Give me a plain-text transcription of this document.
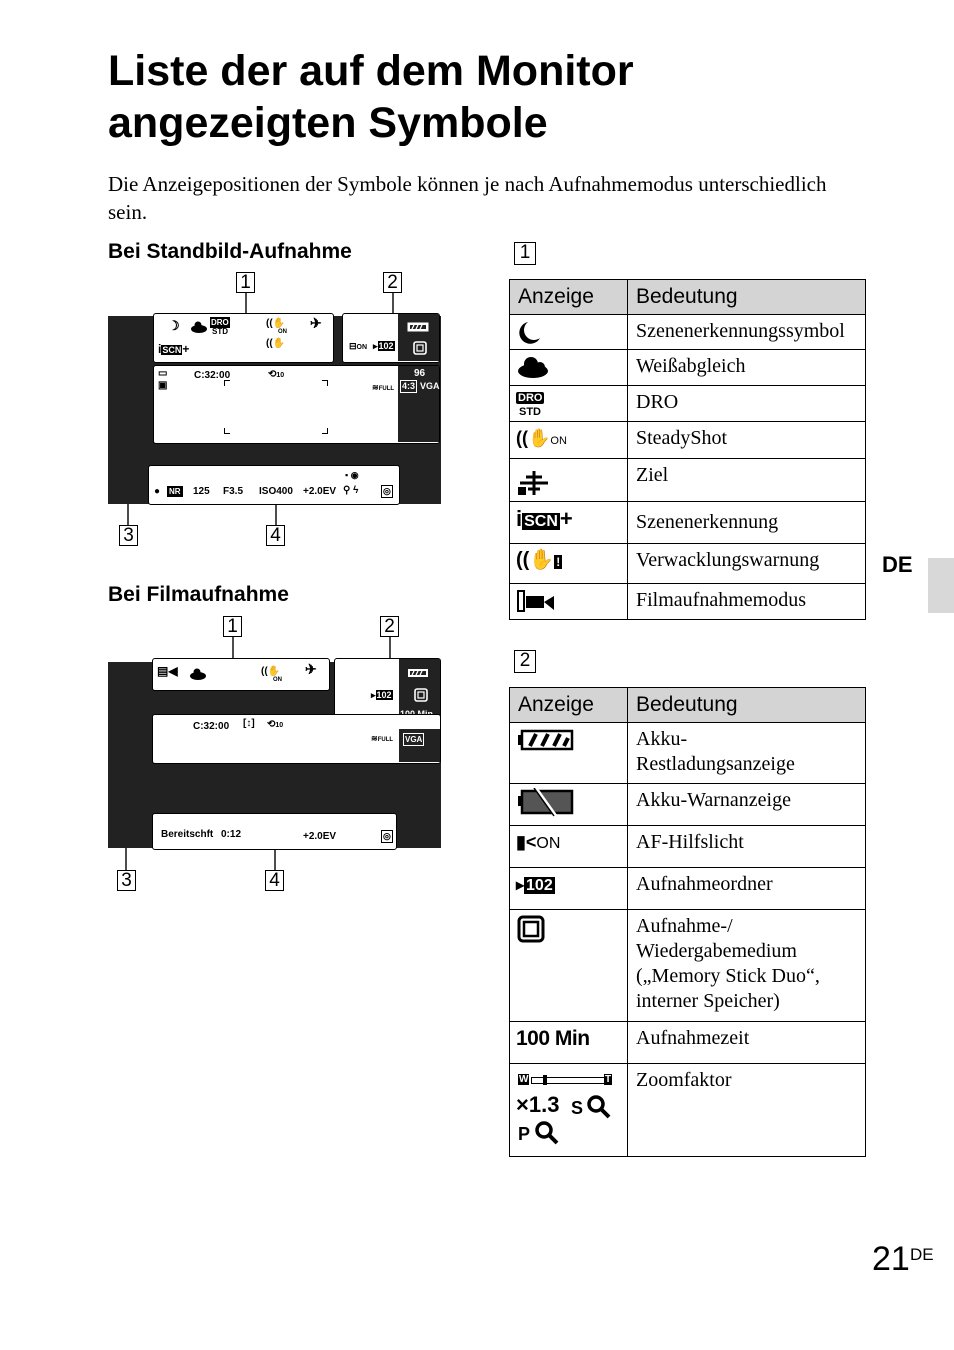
Liste der auf dem Monitor
angezeigten Symbole

Die Anzeigepositionen der Symbole können je nach Aufnahmemodus unterschiedlich sein.

Bei Standbild-Aufnahme
1	2
3	4
☽	DRO
STD
((✋
ON
((✋
✈
iSCN+	⊟ON ▸102
▭	C:32:00	⟲10
▣	≋FULL
96
4:3 VGA
▪ ◉
● NR 125 F3.5 ISO400 +2.0EV ⚲ ϟ	◎
Bei Filmaufnahme
1	2
3	4
▤◀	((✋
ON
✈
▸102
C:32:00 [↕] ⟲10
≋FULL VGA
Bereitschft 0:12	+2.0EV	◎
1
Anzeige	Bedeutung

	Szenenerkennungssymbol

	Weißabgleich
DRO
STD	DRO
((✋ON	SteadyShot

	Ziel
i SCN+	Szenenerkennung
((✋ !	Verwacklungswarnung

	Filmaufnahmemodus
2
Anzeige	Bedeutung

	Akku-
Restladungsanzeige

	Akku-Warnanzeige
▮<ON	AF-Hilfslicht
▸ 102	Aufnahmeordner

	Aufnahme-/
Wiedergabemedium
(„Memory Stick Duo“,
interner Speicher)
100 Min	Aufnahmezeit

W T
×1.3 S
P	Zoomfaktor
DE
21 DE
